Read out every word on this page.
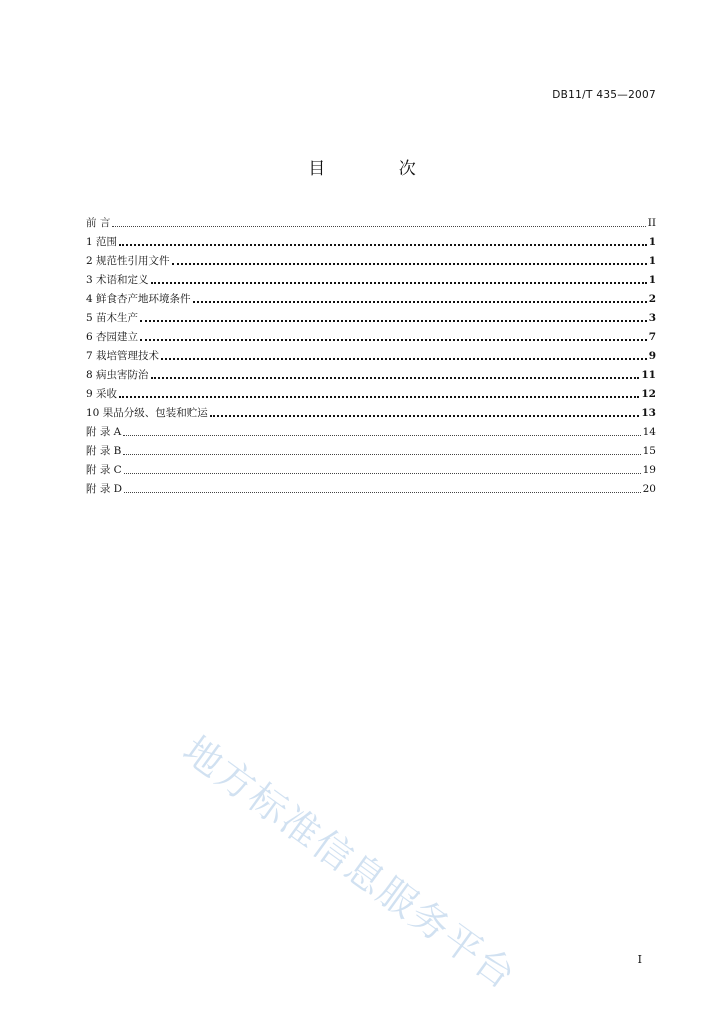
DB11/T 435—2007
目 次
前 言	II
1 范围	1
2 规范性引用文件	1
3 术语和定义	1
4 鲜食杏产地环境条件	2
5 苗木生产	3
6 杏园建立	7
7 栽培管理技术	9
8 病虫害防治	11
9 采收	12
10 果品分级、包装和贮运	13
附 录 A	14
附 录 B	15
附 录 C	19
附 录 D	20
地方标准信息服务平台	I
